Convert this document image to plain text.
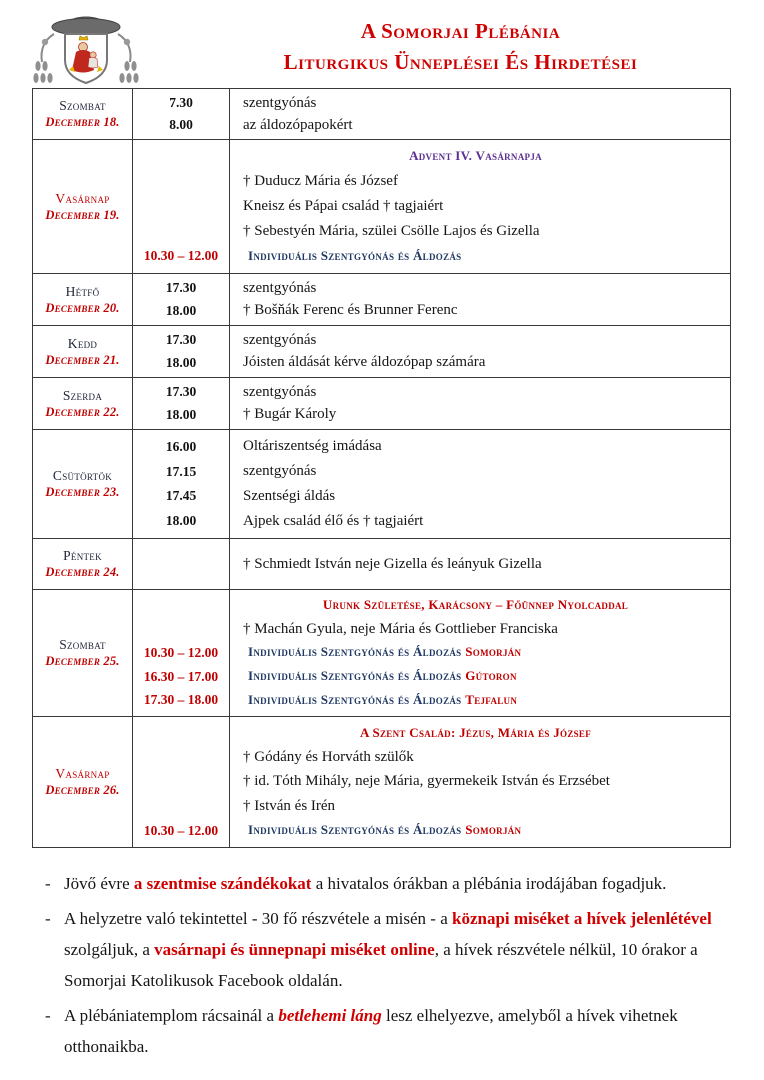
A Somorjai Plébánia
Liturgikus Ünneplései És Hirdetései
Szombat
December 18.
7.30	szentgyónás
8.00	az áldozópapokért
Vasárnap
December 19.
Advent IV. Vasárnapja
† Duducz Mária és József
Kneisz és Pápai család † tagjaiért
† Sebestyén Mária, szülei Csölle Lajos és Gizella
10.30 – 12.00	Individuális Szentgyónás és Áldozás
Hétfő
December 20.
17.30	szentgyónás
18.00	† Bošňák Ferenc és Brunner Ferenc
Kedd
December 21.
17.30	szentgyónás
18.00	Jóisten áldását kérve áldozópap számára
Szerda
December 22.
17.30	szentgyónás
18.00	† Bugár Károly
Csütörtök
December 23.
16.00	Oltáriszentség imádása
17.15	szentgyónás
17.45	Szentségi áldás
18.00	Ajpek család élő és † tagjaiért
Péntek
December 24.
† Schmiedt István neje Gizella és leányuk Gizella
Szombat
December 25.
Urunk Születése, Karácsony – Főünnep Nyolcaddal
† Machán Gyula, neje Mária és Gottlieber Franciska
10.30 – 12.00	Individuális Szentgyónás és Áldozás Somorján
16.30 – 17.00	Individuális Szentgyónás és Áldozás Gútoron
17.30 – 18.00	Individuális Szentgyónás és Áldozás Tejfalun
Vasárnap
December 26.
A Szent Család: Jézus, Mária és József
† Gódány és Horváth szülők
† id. Tóth Mihály, neje Mária, gyermekeik István és Erzsébet
† István és Irén
10.30 – 12.00	Individuális Szentgyónás és Áldozás Somorján
- Jövő évre a szentmise szándékokat a hivatalos órákban a plébánia irodájában fogadjuk.
- A helyzetre való tekintettel - 30 fő részvétele a misén - a köznapi miséket a hívek jelenlétével szolgáljuk, a vasárnapi és ünnepnapi miséket online, a hívek részvétele nélkül, 10 órakor a Somorjai Katolikusok Facebook oldalán.
- A plébániatemplom rácsainál a betlehemi láng lesz elhelyezve, amelyből a hívek vihetnek otthonaikba.
